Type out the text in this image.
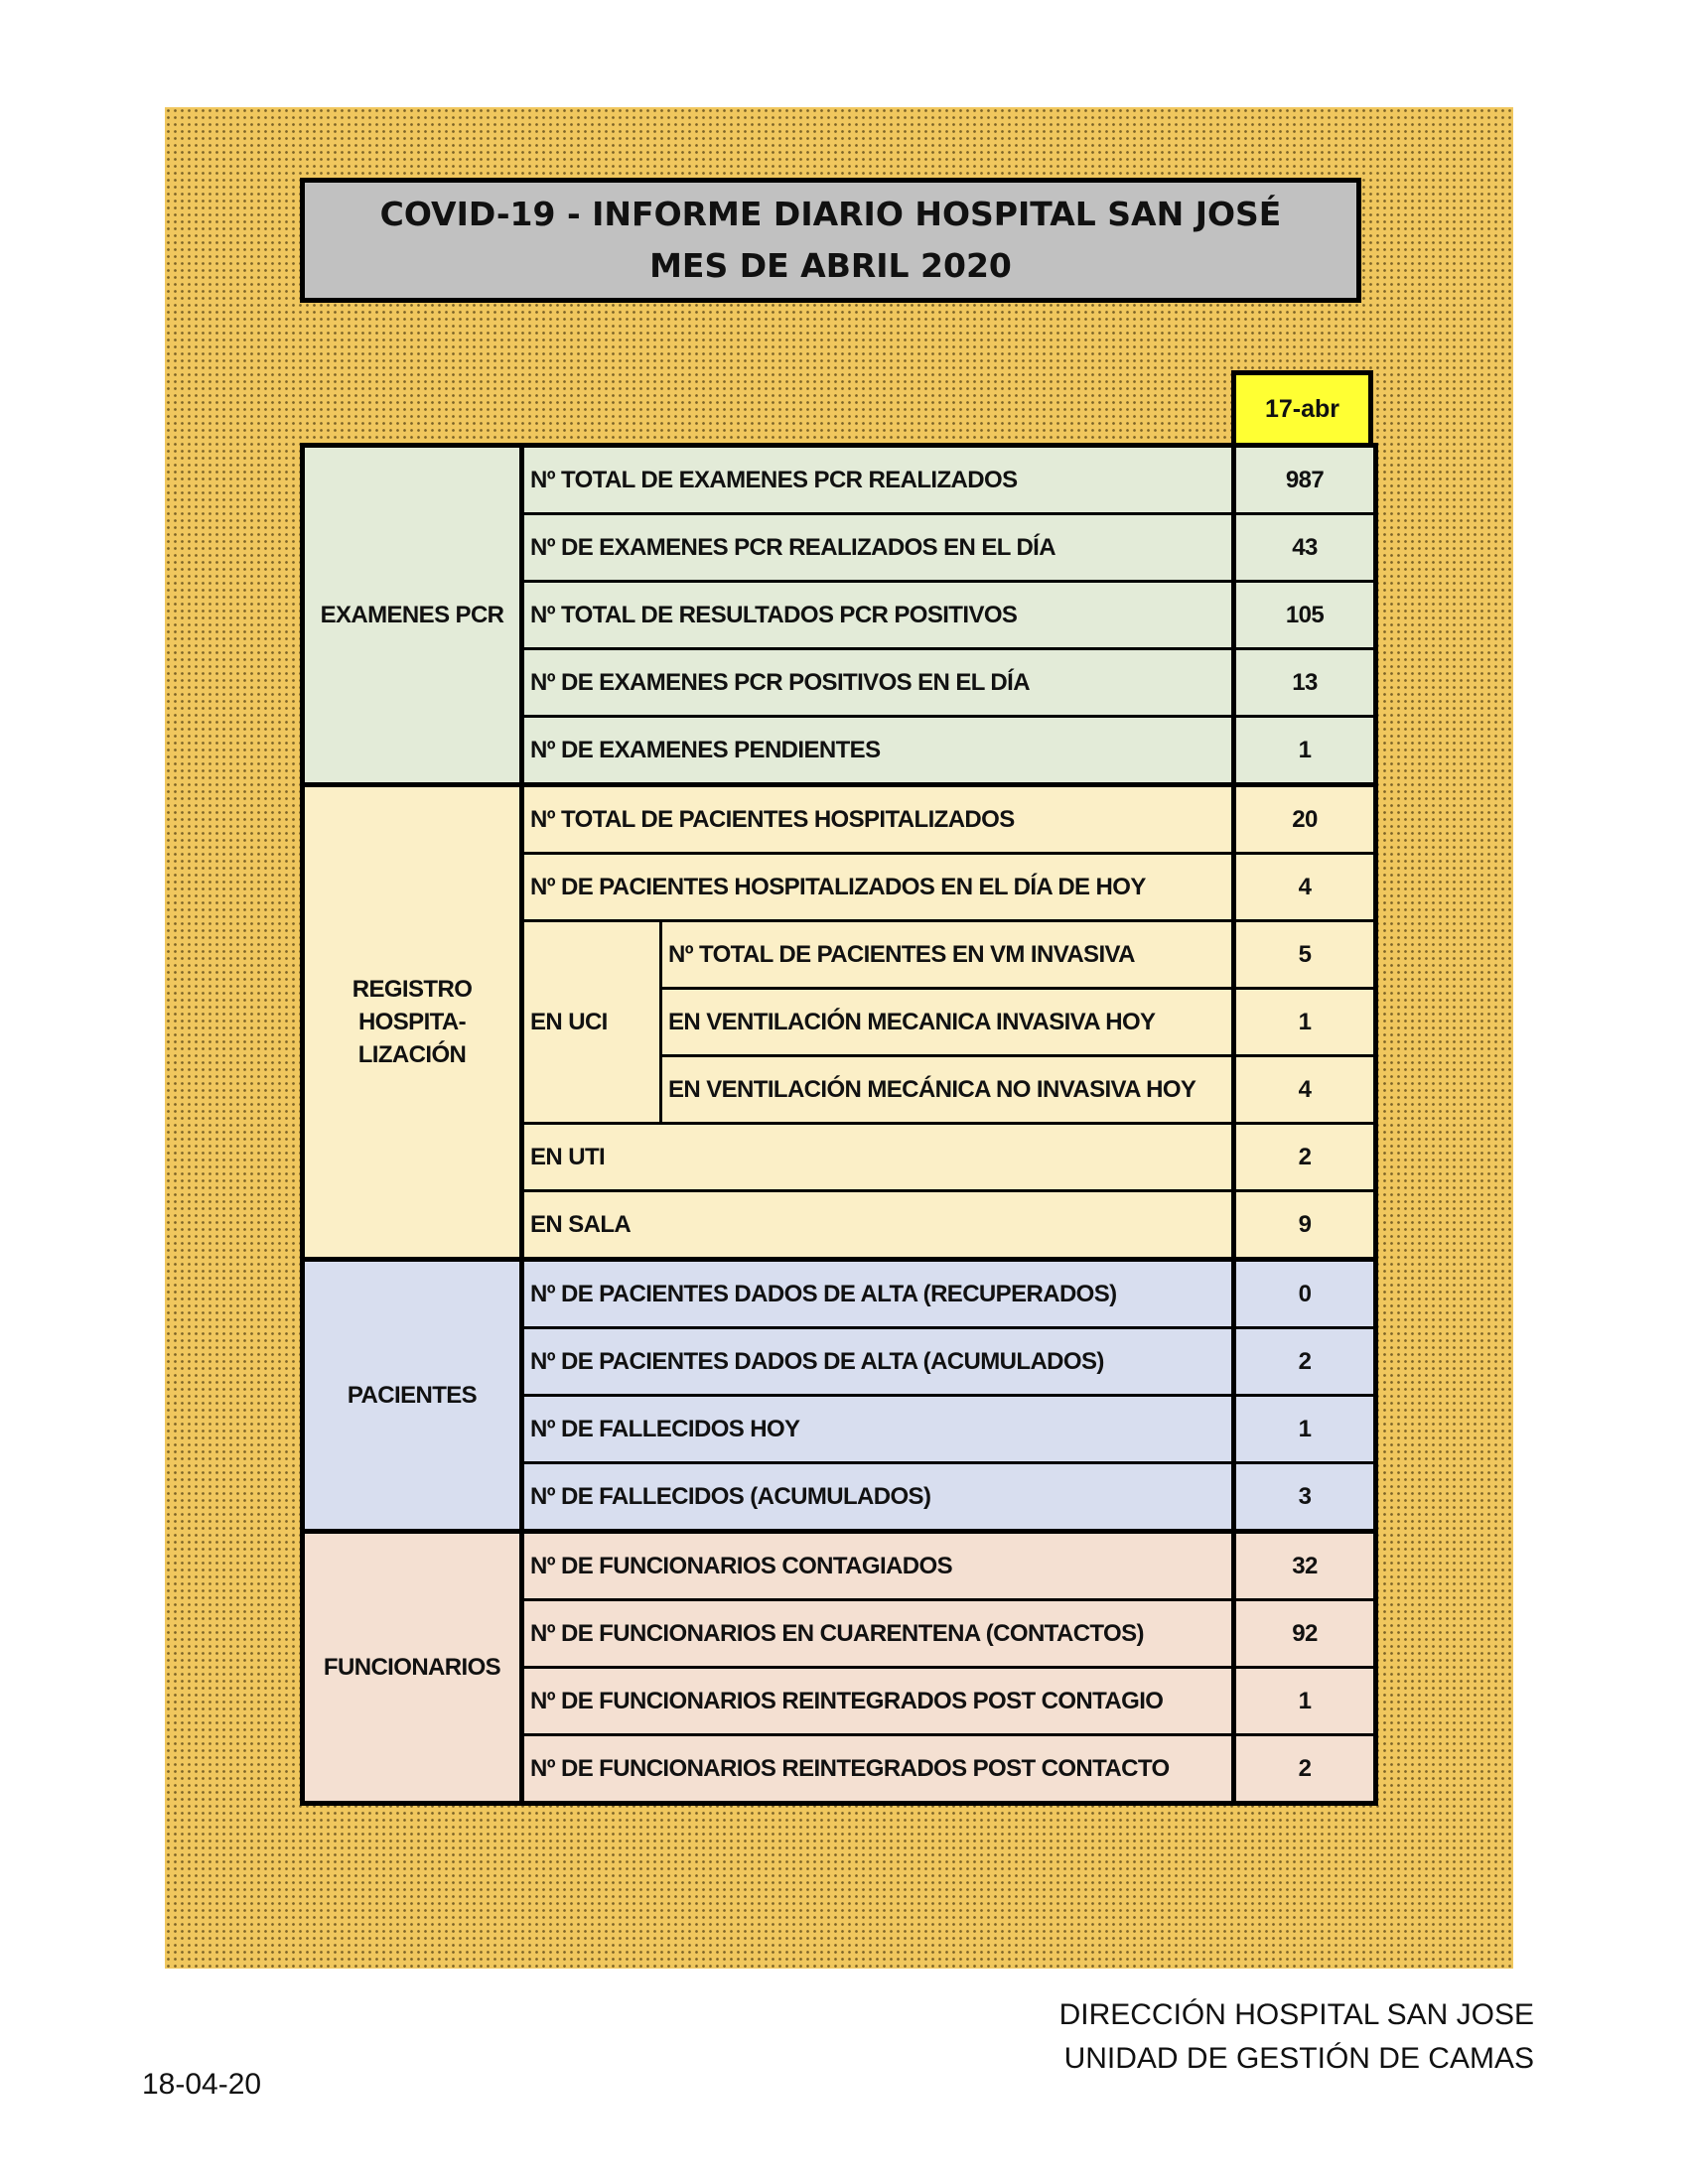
COVID-19 - INFORME DIARIO HOSPITAL SAN JOSÉ
MES DE ABRIL 2020
17-abr
EXAMENES PCR	Nº TOTAL DE EXAMENES PCR REALIZADOS		987
	Nº DE EXAMENES PCR REALIZADOS EN EL DÍA		43
	Nº TOTAL DE RESULTADOS PCR POSITIVOS		105
	Nº DE EXAMENES PCR POSITIVOS EN EL DÍA		13
	Nº DE EXAMENES PENDIENTES		1

REGISTRO
HOSPITA-
LIZACIÓN	Nº TOTAL DE PACIENTES HOSPITALIZADOS		20
	Nº DE PACIENTES HOSPITALIZADOS EN EL DÍA DE HOY		4
	EN UCI	Nº TOTAL DE PACIENTES EN VM INVASIVA	5
		EN VENTILACIÓN MECANICA INVASIVA HOY	1
		EN VENTILACIÓN MECÁNICA NO INVASIVA HOY	4
	EN UTI		2
	EN SALA		9
PACIENTES	Nº DE PACIENTES DADOS DE ALTA (RECUPERADOS)		0
	Nº DE PACIENTES DADOS DE ALTA (ACUMULADOS)		2
	Nº DE FALLECIDOS HOY		1
	Nº DE FALLECIDOS (ACUMULADOS)		3
FUNCIONARIOS	Nº DE FUNCIONARIOS CONTAGIADOS		32
	Nº DE FUNCIONARIOS EN CUARENTENA (CONTACTOS)		92
	Nº DE FUNCIONARIOS REINTEGRADOS POST CONTAGIO		1
	Nº DE FUNCIONARIOS REINTEGRADOS POST CONTACTO		2
DIRECCIÓN HOSPITAL SAN JOSE
UNIDAD DE GESTIÓN DE CAMAS
18-04-20
